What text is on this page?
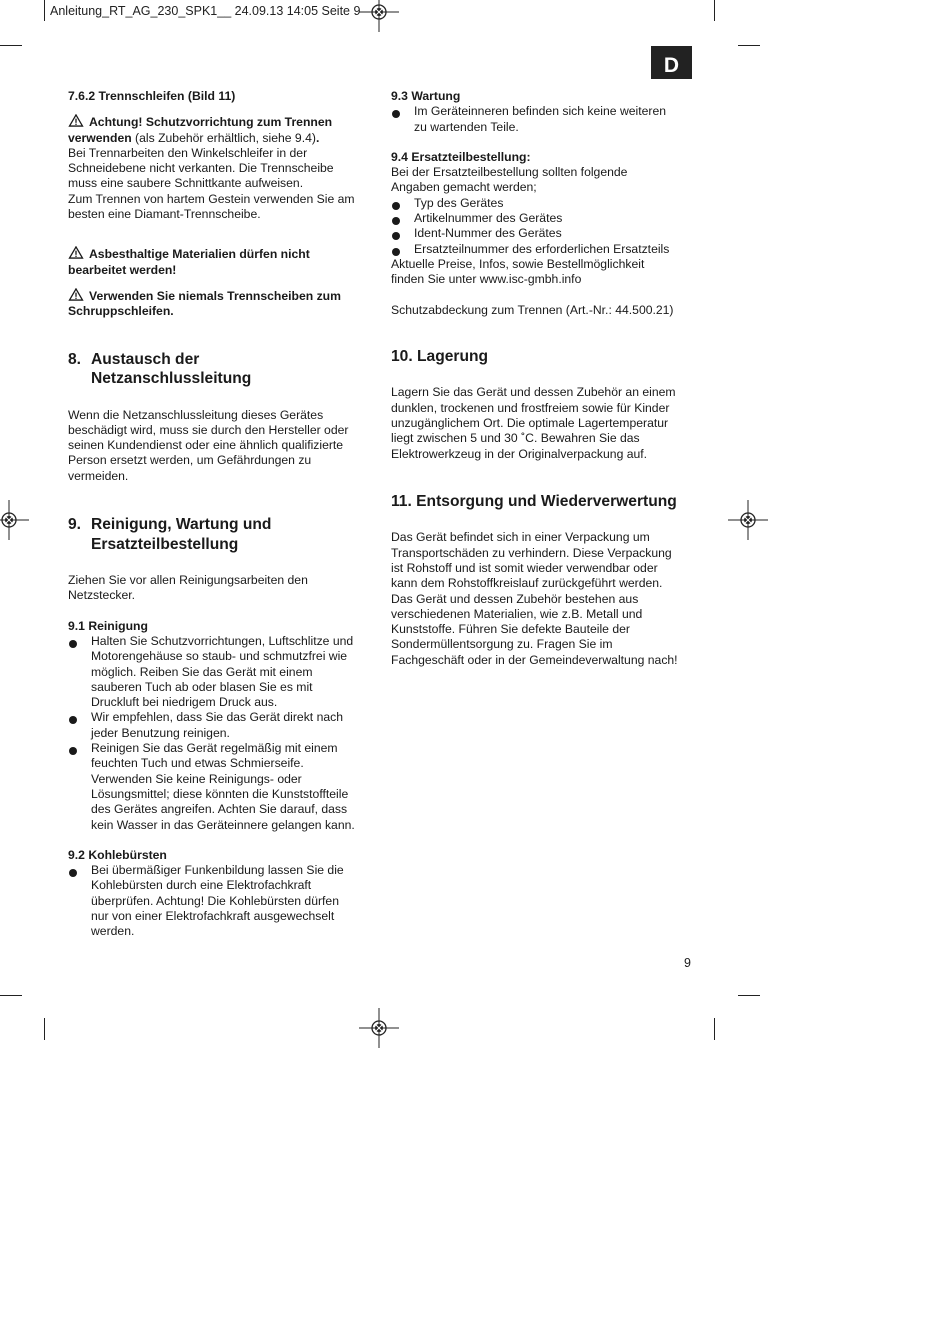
Anleitung_RT_AG_230_SPK1__ 24.09.13 14:05 Seite 9
D

7.6.2 Trennschleifen (Bild 11)

Achtung! Schutzvorrichtung zum Trennen

verwenden (als Zubehör erhältlich, siehe 9.4).

Bei Trennarbeiten den Winkelschleifer in der

Schneidebene nicht verkanten. Die Trennscheibe

muss eine saubere Schnittkante aufweisen.

Zum Trennen von hartem Gestein verwenden Sie am

besten eine Diamant-Trennscheibe.

Asbesthaltige Materialien dürfen nicht

bearbeitet werden!

Verwenden Sie niemals Trennscheiben zum

Schruppschleifen.

8. Austausch der
Netzanschlussleitung

Wenn die Netzanschlussleitung dieses Gerätes

beschädigt wird, muss sie durch den Hersteller oder

seinen Kundendienst oder eine ähnlich qualifizierte

Person ersetzt werden, um Gefährdungen zu

vermeiden.

9. Reinigung, Wartung und
Ersatzteilbestellung

Ziehen Sie vor allen Reinigungsarbeiten den

Netzstecker.

9.1 Reinigung

Halten Sie Schutzvorrichtungen, Luftschlitze und

Motorengehäuse so staub- und schmutzfrei wie

möglich. Reiben Sie das Gerät mit einem

sauberen Tuch ab oder blasen Sie es mit

Druckluft bei niedrigem Druck aus.

Wir empfehlen, dass Sie das Gerät direkt nach

jeder Benutzung reinigen.

Reinigen Sie das Gerät regelmäßig mit einem

feuchten Tuch und etwas Schmierseife.

Verwenden Sie keine Reinigungs- oder

Lösungsmittel; diese könnten die Kunststoffteile

des Gerätes angreifen. Achten Sie darauf, dass

kein Wasser in das Geräteinnere gelangen kann.

9.2 Kohlebürsten

Bei übermäßiger Funkenbildung lassen Sie die

Kohlebürsten durch eine Elektrofachkraft

überprüfen. Achtung! Die Kohlebürsten dürfen

nur von einer Elektrofachkraft ausgewechselt

werden.

9.3 Wartung

Im Geräteinneren befinden sich keine weiteren

zu wartenden Teile.

9.4 Ersatzteilbestellung:

Bei der Ersatzteilbestellung sollten folgende

Angaben gemacht werden;

Typ des Gerätes

Artikelnummer des Gerätes

Ident-Nummer des Gerätes

Ersatzteilnummer des erforderlichen Ersatzteils

Aktuelle Preise, Infos, sowie Bestellmöglichkeit

finden Sie unter www.isc-gmbh.info

Schutzabdeckung zum Trennen (Art.-Nr.: 44.500.21)

10. Lagerung

Lagern Sie das Gerät und dessen Zubehör an einem

dunklen, trockenen und frostfreiem sowie für Kinder

unzugänglichem Ort. Die optimale Lagertemperatur

liegt zwischen 5 und 30 ˚C. Bewahren Sie das

Elektrowerkzeug in der Originalverpackung auf.

11. Entsorgung und Wiederverwertung

Das Gerät befindet sich in einer Verpackung um

Transportschäden zu verhindern. Diese Verpackung

ist Rohstoff und ist somit wieder verwendbar oder

kann dem Rohstoffkreislauf zurückgeführt werden.

Das Gerät und dessen Zubehör bestehen aus

verschiedenen Materialien, wie z.B. Metall und

Kunststoffe. Führen Sie defekte Bauteile der

Sondermüllentsorgung zu. Fragen Sie im

Fachgeschäft oder in der Gemeindeverwaltung nach!

9
